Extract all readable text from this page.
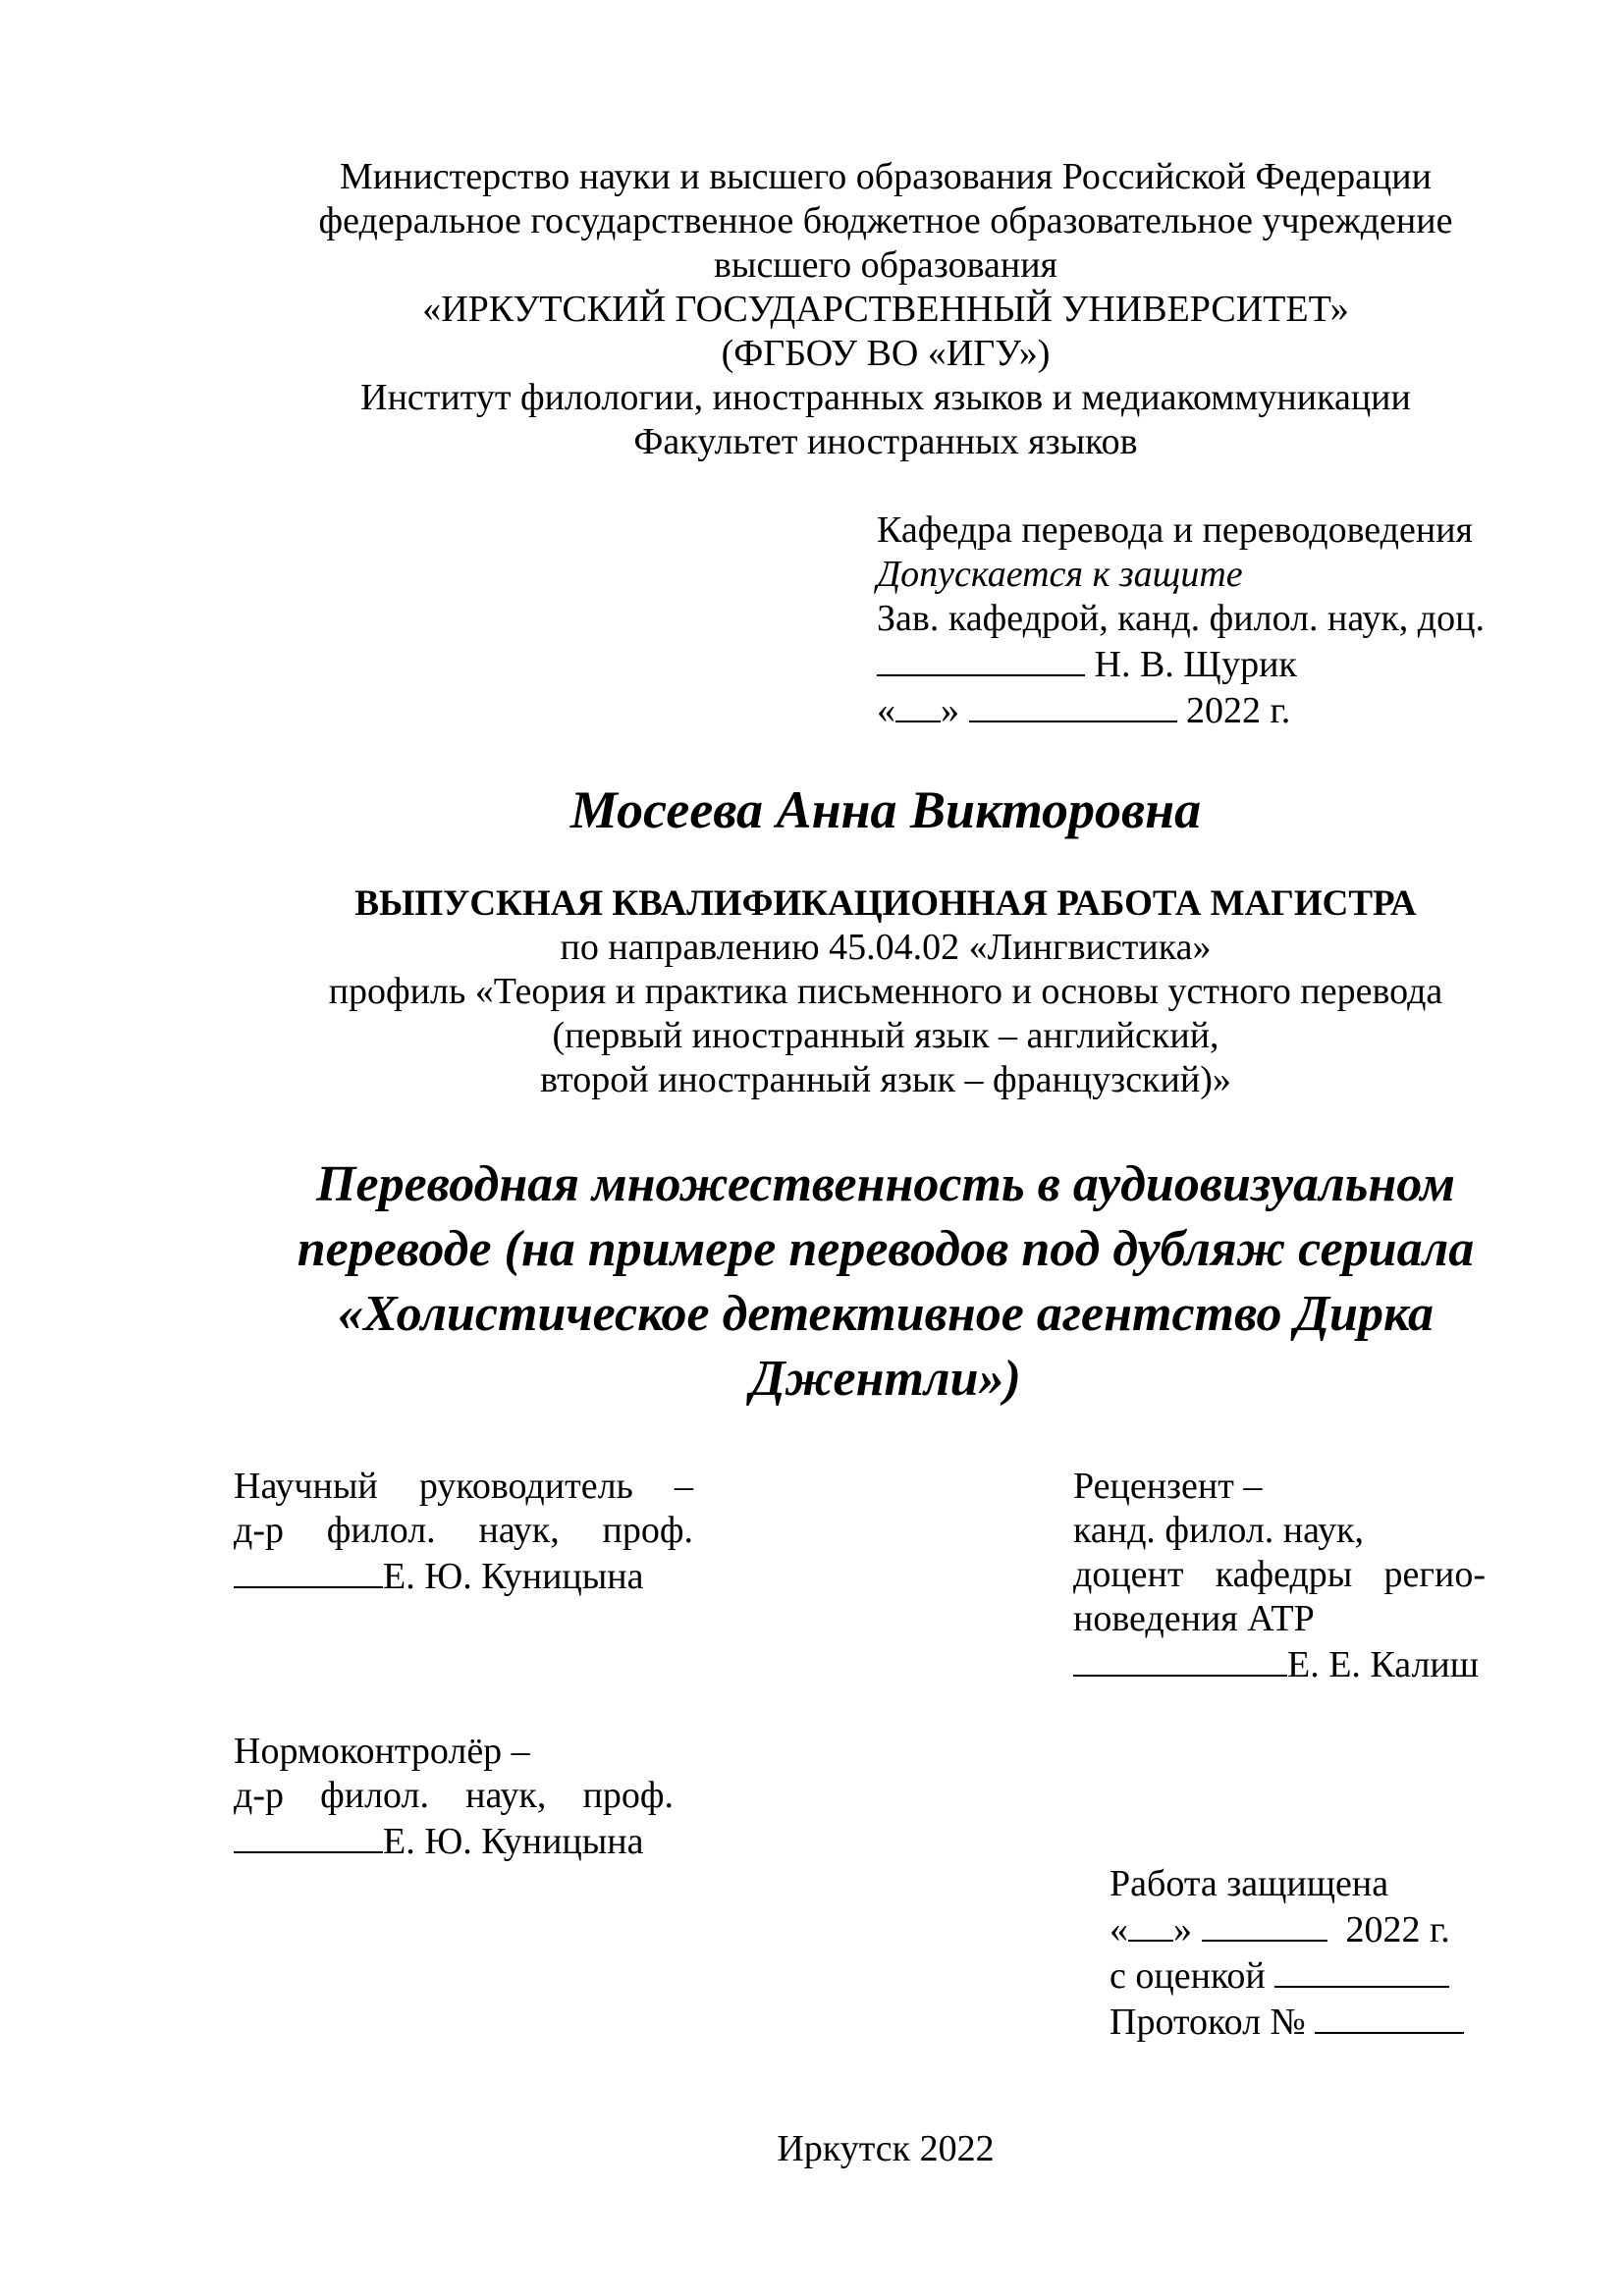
Министерство науки и высшего образования Российской Федерации
федеральное государственное бюджетное образовательное учреждение
высшего образования
«ИРКУТСКИЙ ГОСУДАРСТВЕННЫЙ УНИВЕРСИТЕТ»
(ФГБОУ ВО «ИГУ»)
Институт филологии, иностранных языков и медиакоммуникации
Факультет иностранных языков
Кафедра перевода и переводоведения
Допускается к защите
Зав. кафедрой, канд. филол. наук, доц.
Н. В. Щурик
« »	2022 г.
Мосеева Анна Викторовна
ВЫПУСКНАЯ КВАЛИФИКАЦИОННАЯ РАБОТА МАГИСТРА
по направлению 45.04.02 «Лингвистика»
профиль «Теория и практика письменного и основы устного перевода
(первый иностранный язык – английский,
второй иностранный язык – французский)»
Переводная множественность в аудиовизуальном
переводе (на примере переводов под дубляж сериала
«Холистическое детективное агентство Дирка
Джентли»)
Научный руководитель –
д-р филол. наук, проф.
Е. Ю. Куницына
Рецензент –
канд. филол. наук,
доцент кафедры регио-
новедения АТР
Е. Е. Калиш
Нормоконтролёр –
д-р филол. наук, проф.
Е. Ю. Куницына
Работа защищена
« »	2022 г.
с оценкой
Протокол №
Иркутск 2022
